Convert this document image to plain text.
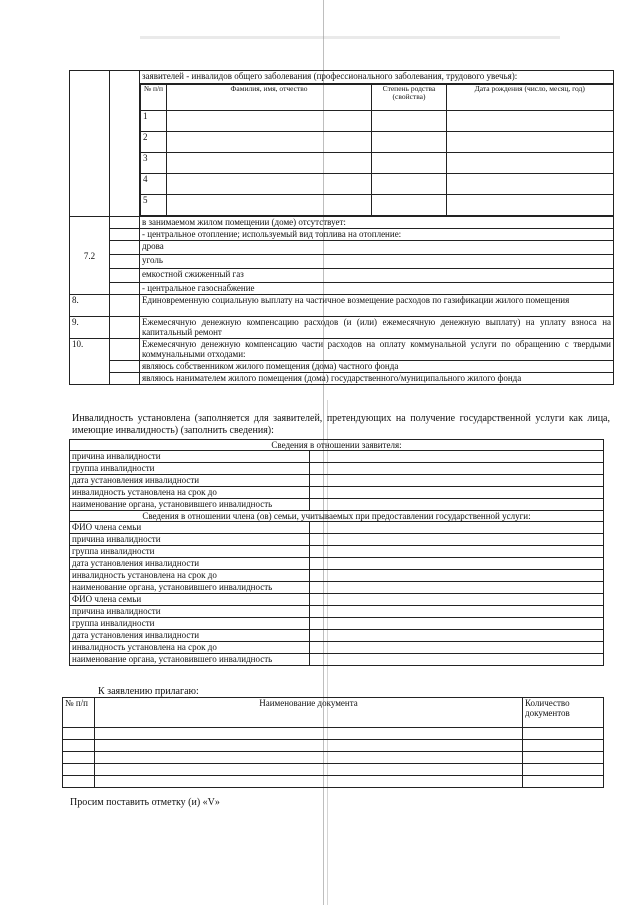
		заявителей - инвалидов общего заболевания (профессионального заболевания, трудового увечья):

№ п/п	Фамилия, имя, отчество	Степень родства (свойства)	Дата рождения (число, месяц, год)
1			
2			
3			
4			
5			

7.2		в занимаемом жилом помещении (доме) отсутствует:
	- центральное отопление; используемый вид топлива на отопление:
	дрова
	уголь
	емкостной сжиженный газ
	- центральное газоснабжение
8.		Единовременную социальную выплату на частичное возмещение расходов по газификации жилого помещения
9.		Ежемесячную денежную компенсацию расходов (и (или) ежемесячную денежную выплату) на уплату взноса на капитальный ремонт
10.		Ежемесячную денежную компенсацию части расходов на оплату коммунальной услуги по обращению с твердыми коммунальными отходами:
	являюсь собственником жилого помещения (дома) частного фонда
	являюсь нанимателем жилого помещения (дома) государственного/муниципального жилого фонда

Инвалидность установлена (заполняется для заявителей, претендующих на получение государственной услуги как лица, имеющие инвалидность) (заполнить сведения):

Сведения в отношении заявителя:	
причина инвалидности	
группа инвалидности	
дата установления инвалидности	
инвалидность установлена на срок до	
наименование органа, установившего инвалидность	
Сведения в отношении члена (ов) семьи, учитываемых при предоставлении государственной услуги:	
ФИО члена семьи	
причина инвалидности	
группа инвалидности	
дата установления инвалидности	
инвалидность установлена на срок до	
наименование органа, установившего инвалидность	
ФИО члена семьи	
причина инвалидности	
группа инвалидности	
дата установления инвалидности	
инвалидность установлена на срок до	
наименование органа, установившего инвалидность	

К заявлению прилагаю:

№ п/п	Наименование документа	Количество документов

Просим поставить отметку (и) «V»
